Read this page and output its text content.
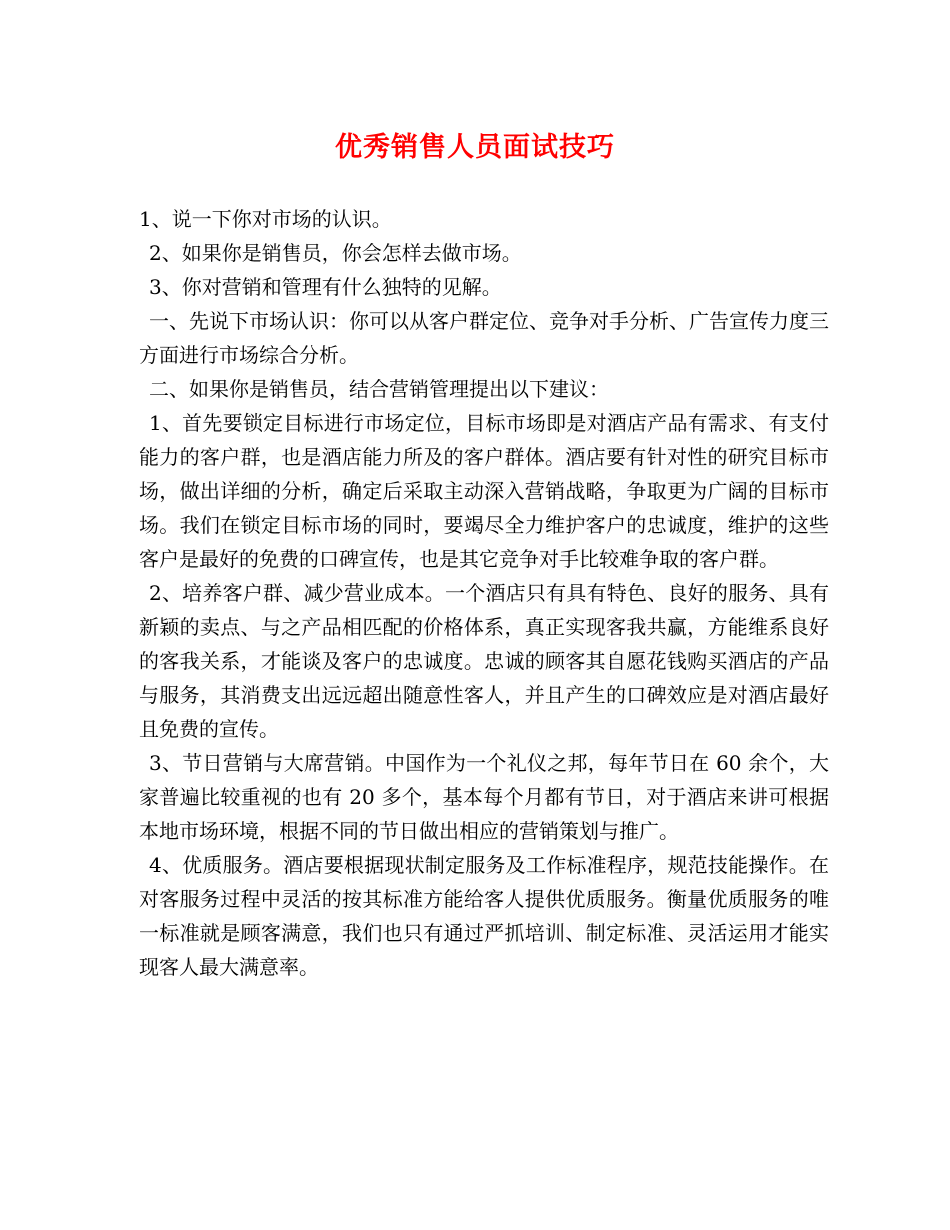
优秀销售人员面试技巧

1、说一下你对市场的认识。

2、如果你是销售员，你会怎样去做市场。

3、你对营销和管理有什么独特的见解。

一、先说下市场认识：你可以从客户群定位、竞争对手分析、广告宣传力度三方面进行市场综合分析。

二、如果你是销售员，结合营销管理提出以下建议：

1、首先要锁定目标进行市场定位，目标市场即是对酒店产品有需求、有支付能力的客户群，也是酒店能力所及的客户群体。酒店要有针对性的研究目标市场，做出详细的分析，确定后采取主动深入营销战略，争取更为广阔的目标市场。我们在锁定目标市场的同时，要竭尽全力维护客户的忠诚度，维护的这些客户是最好的免费的口碑宣传，也是其它竞争对手比较难争取的客户群。

2、培养客户群、减少营业成本。一个酒店只有具有特色、良好的服务、具有新颖的卖点、与之产品相匹配的价格体系，真正实现客我共赢，方能维系良好的客我关系，才能谈及客户的忠诚度。忠诚的顾客其自愿花钱购买酒店的产品与服务，其消费支出远远超出随意性客人，并且产生的口碑效应是对酒店最好且免费的宣传。

3、节日营销与大席营销。中国作为一个礼仪之邦，每年节日在 60 余个，大家普遍比较重视的也有 20 多个，基本每个月都有节日，对于酒店来讲可根据本地市场环境，根据不同的节日做出相应的营销策划与推广。

4、优质服务。酒店要根据现状制定服务及工作标准程序，规范技能操作。在对客服务过程中灵活的按其标准方能给客人提供优质服务。衡量优质服务的唯一标准就是顾客满意，我们也只有通过严抓培训、制定标准、灵活运用才能实现客人最大满意率。
